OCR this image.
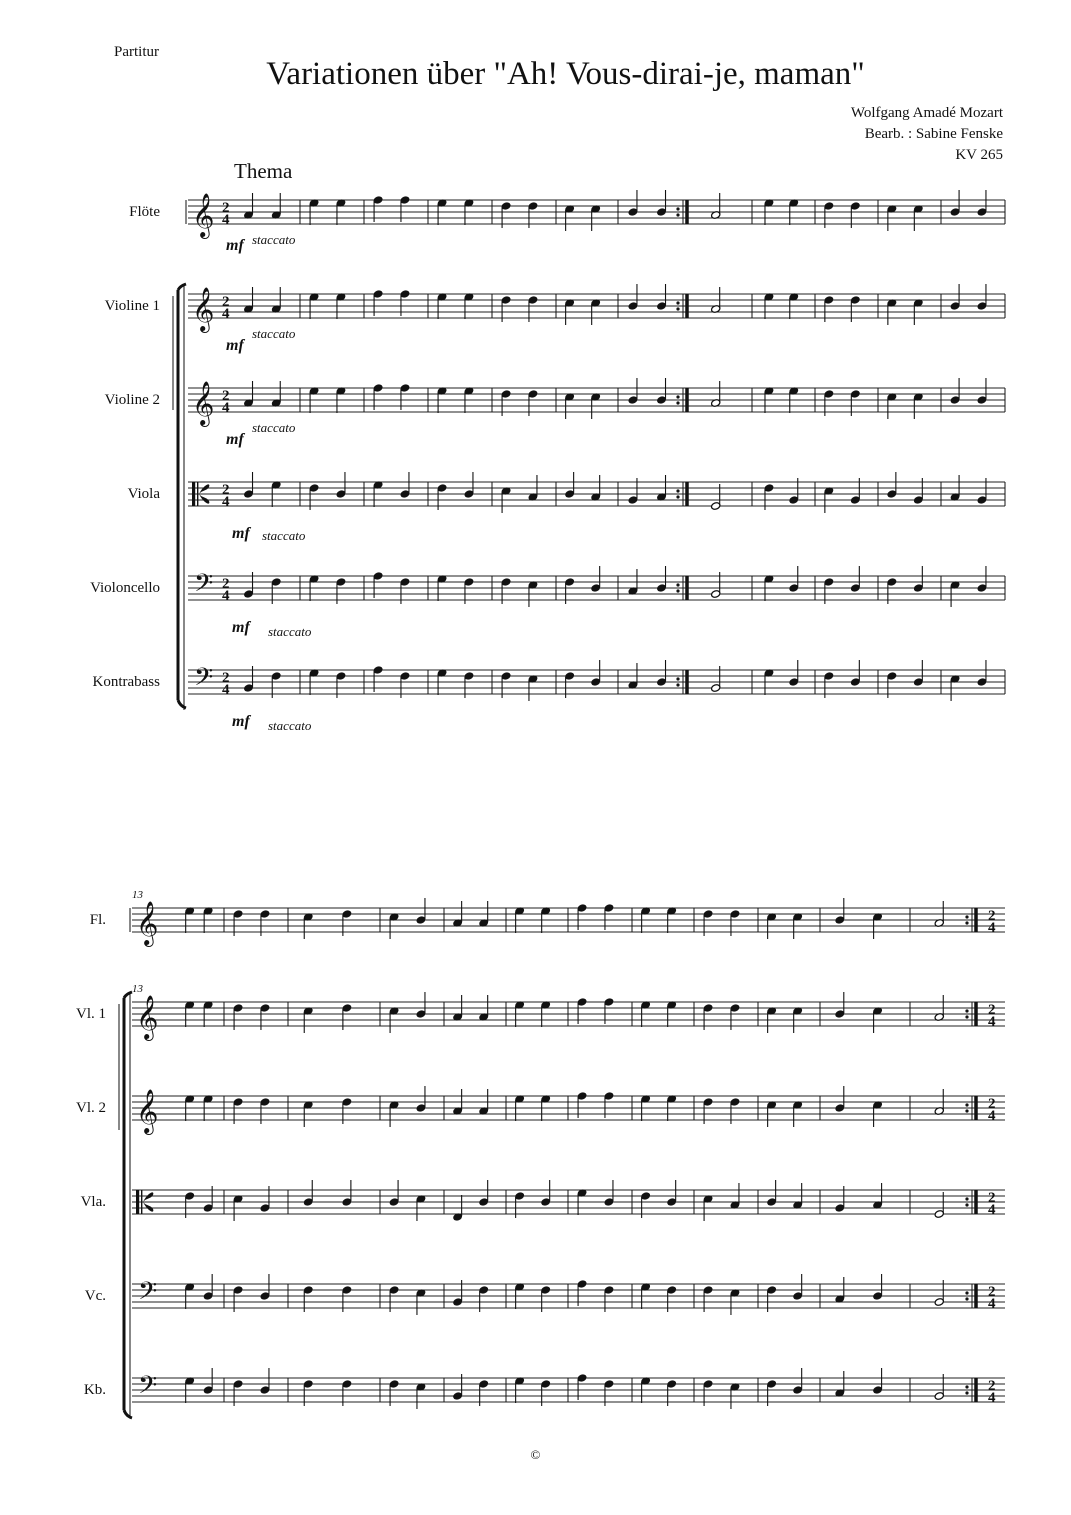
Partitur
Variationen über "Ah! Vous-dirai-je, maman"
Wolfgang Amadé Mozart
Bearb. : Sabine Fenske
KV 265
Thema
Flöte 𝄞 2
4
mf staccato
Violine 1 𝄞 2
4
mf
staccato
Violine 2 𝄞 2
4
mf
staccato
Viola	2
4
mf staccato
Violoncello 𝄢 2
4
mf staccato
Kontrabass 𝄢 2
4
mf staccato
Fl. 𝄞	2
4
13
Vl. 1 𝄞	2
4
13
Vl. 2 𝄞	2
4
Vla.	2
4
Vc. 𝄢	2
4
Kb. 𝄢	2
4
©
